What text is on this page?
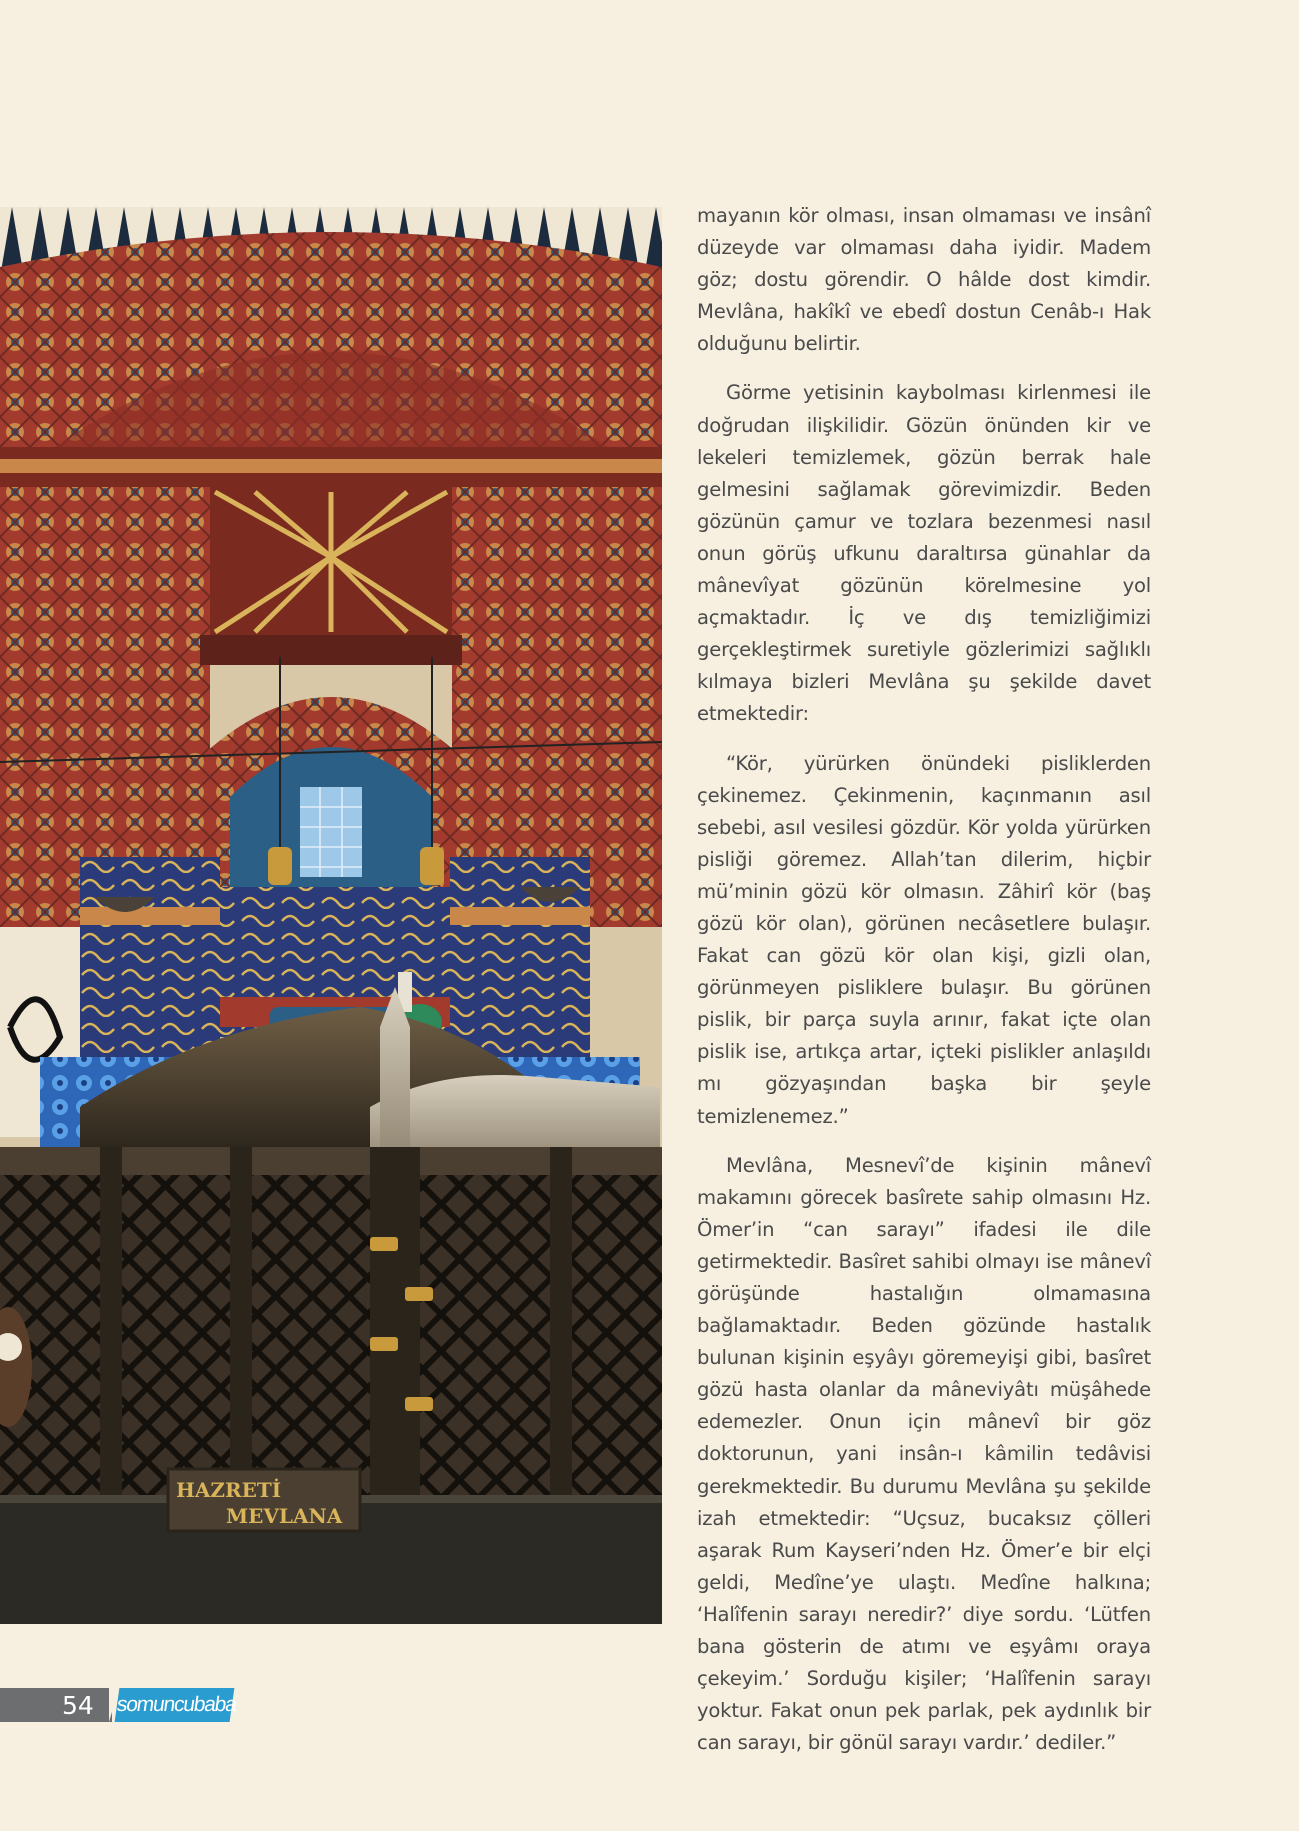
HAZRETİ
MEVLANA

mayanın kör olması, insan olmaması ve insânî düzeyde var olmaması daha iyidir. Madem göz; dostu görendir. O hâlde dost kimdir. Mevlâna, hakîkî ve ebedî dostun Cenâb-ı Hak olduğunu belirtir.

Görme yetisinin kaybolması kirlenmesi ile doğrudan ilişkilidir. Gözün önünden kir ve lekeleri temizlemek, gözün berrak hale gelmesini sağlamak görevimizdir. Beden gözünün çamur ve tozlara bezenmesi nasıl onun görüş ufkunu daraltırsa günahlar da mânevîyat gözünün körelmesine yol açmaktadır. İç ve dış temizliğimizi gerçekleştirmek suretiyle gözlerimizi sağlıklı kılmaya bizleri Mevlâna şu şekilde davet etmektedir:

“Kör, yürürken önündeki pisliklerden çekinemez. Çekinmenin, kaçınmanın asıl sebebi, asıl vesilesi gözdür. Kör yolda yürürken pisliği göremez. Allah’tan dilerim, hiçbir mü’minin gözü kör olmasın. Zâhirî kör (baş gözü kör olan), görünen necâsetlere bulaşır. Fakat can gözü kör olan kişi, gizli olan, görünmeyen pisliklere bulaşır. Bu görünen pislik, bir parça suyla arınır, fakat içte olan pislik ise, artıkça artar, içteki pislikler anlaşıldı mı gözyaşından başka bir şeyle temizlenemez.”

Mevlâna, Mesnevî’de kişinin mânevî makamını görecek basîrete sahip olmasını Hz. Ömer’in “can sarayı” ifadesi ile dile getirmektedir. Basîret sahibi olmayı ise mânevî görüşünde hastalığın olmamasına bağlamaktadır. Beden gözünde hastalık bulunan kişinin eşyâyı göremeyişi gibi, basîret gözü hasta olanlar da mâneviyâtı müşâhede edemezler. Onun için mânevî bir göz doktorunun, yani insân-ı kâmilin tedâvisi gerekmektedir. Bu durumu Mevlâna şu şekilde izah etmektedir: “Uçsuz, bucaksız çölleri aşarak Rum Kayseri’nden Hz. Ömer’e bir elçi geldi, Medîne’ye ulaştı. Medîne halkına; ‘Halîfenin sarayı neredir?’ diye sordu. ‘Lütfen bana gösterin de atımı ve eşyâmı oraya çekeyim.’ Sorduğu kişiler; ‘Halîfenin sarayı yoktur. Fakat onun pek parlak, pek aydınlık bir can sarayı, bir gönül sarayı vardır.’ dediler.”

54 somuncubaba
